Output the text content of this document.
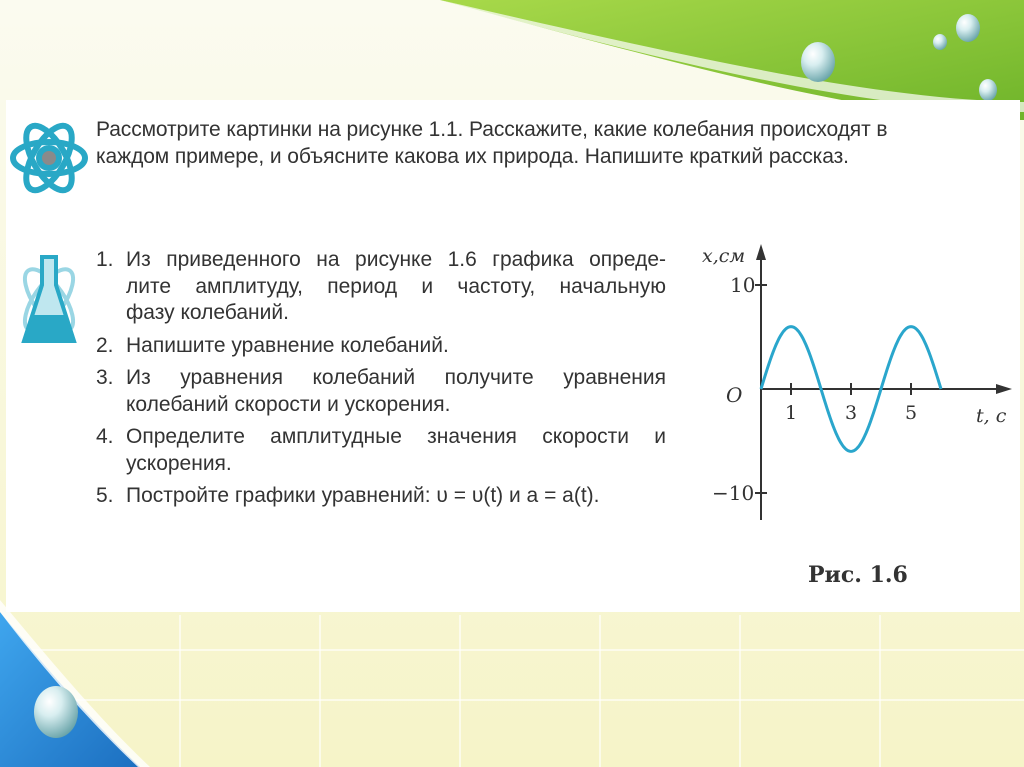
Рассмотрите картинки на рисунке 1.1. Расскажите, какие колебания происходят в
каждом примере, и объясните какова их природа. Напишите краткий рассказ.
1. Из приведенного на рисунке 1.6 графика опреде-
лите амплитуду, период и частоту, начальную
фазу колебаний.
2. Напишите уравнение колебаний.
3. Из уравнения колебаний получите уравнения
колебаний скорости и ускорения.
4. Определите амплитудные значения скорости и
ускорения.
5. Постройте графики уравнений: υ = υ(t) и a = a(t).
x,см
t, с
O
1	3	5
10
−10
Рис. 1.6
